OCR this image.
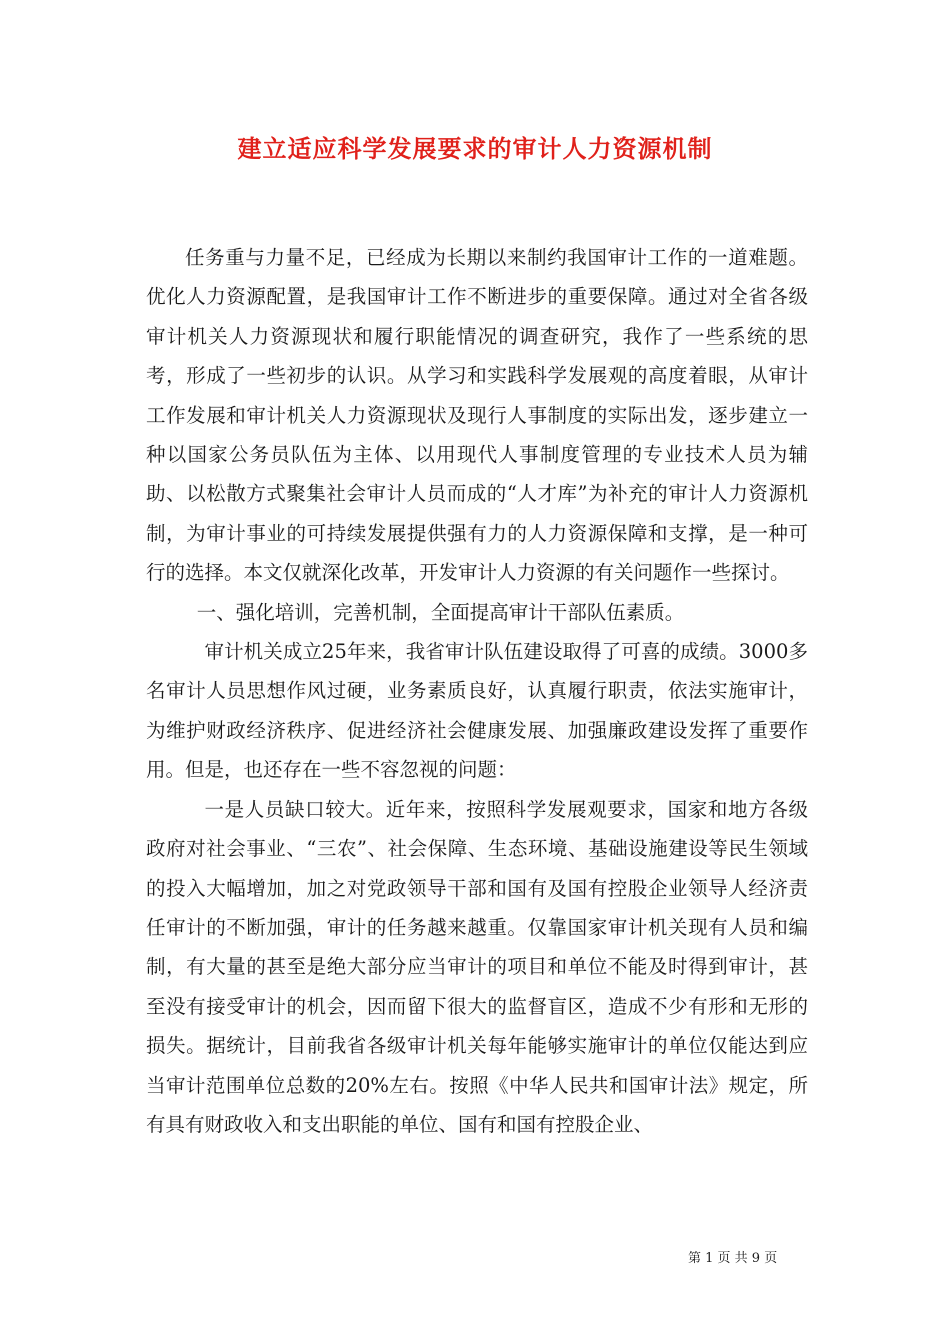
建立适应科学发展要求的审计人力资源机制

任务重与力量不足，已经成为长期以来制约我国审计工作的一道难题。优化人力资源配置，是我国审计工作不断进步的重要保障。通过对全省各级审计机关人力资源现状和履行职能情况的调查研究，我作了一些系统的思考，形成了一些初步的认识。从学习和实践科学发展观的高度着眼，从审计工作发展和审计机关人力资源现状及现行人事制度的实际出发，逐步建立一种以国家公务员队伍为主体、以用现代人事制度管理的专业技术人员为辅助、以松散方式聚集社会审计人员而成的“人才库”为补充的审计人力资源机制，为审计事业的可持续发展提供强有力的人力资源保障和支撑，是一种可行的选择。本文仅就深化改革，开发审计人力资源的有关问题作一些探讨。

一、强化培训，完善机制，全面提高审计干部队伍素质。

审计机关成立25年来，我省审计队伍建设取得了可喜的成绩。3000多名审计人员思想作风过硬，业务素质良好，认真履行职责，依法实施审计，为维护财政经济秩序、促进经济社会健康发展、加强廉政建设发挥了重要作用。但是，也还存在一些不容忽视的问题：

一是人员缺口较大。近年来，按照科学发展观要求，国家和地方各级政府对社会事业、“三农”、社会保障、生态环境、基础设施建设等民生领域的投入大幅增加，加之对党政领导干部和国有及国有控股企业领导人经济责任审计的不断加强，审计的任务越来越重。仅靠国家审计机关现有人员和编制，有大量的甚至是绝大部分应当审计的项目和单位不能及时得到审计，甚至没有接受审计的机会，因而留下很大的监督盲区，造成不少有形和无形的损失。据统计，目前我省各级审计机关每年能够实施审计的单位仅能达到应当审计范围单位总数的20%左右。按照《中华人民共和国审计法》规定，所有具有财政收入和支出职能的单位、国有和国有控股企业、

第 1 页 共 9 页
